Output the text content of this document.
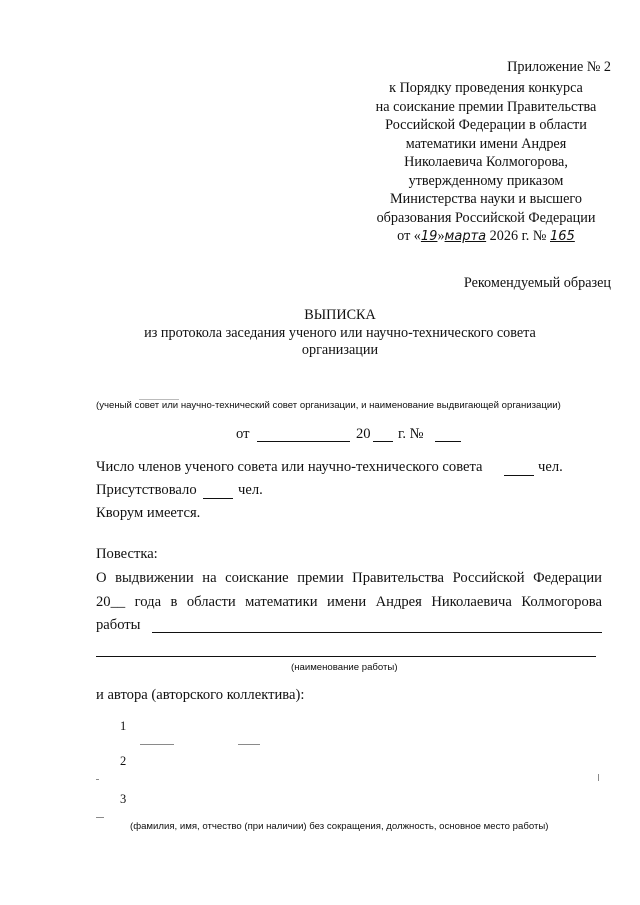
Приложение № 2
к Порядку проведения конкурса
на соискание премии Правительства
Российской Федерации в области
математики имени Андрея
Николаевича Колмогорова,
утвержденному приказом
Министерства науки и высшего
образования Российской Федерации
от «19»марта 2026 г. № 165
Рекомендуемый образец
ВЫПИСКА
из протокола заседания ученого или научно-технического совета
организации
(ученый совет или научно-технический совет организации, и наименование выдвигающей организации)
от	20 г. №
Число членов ученого совета или научно-технического совета	чел.
Присутствовало	чел.
Кворум имеется.
Повестка:
О выдвижении на соискание премии Правительства Российской Федерации
20__ года в области математики имени Андрея Николаевича Колмогорова
работы
(наименование работы)
и автора (авторского коллектива):
1
2
3
(фамилия, имя, отчество (при наличии) без сокращения, должность, основное место работы)
